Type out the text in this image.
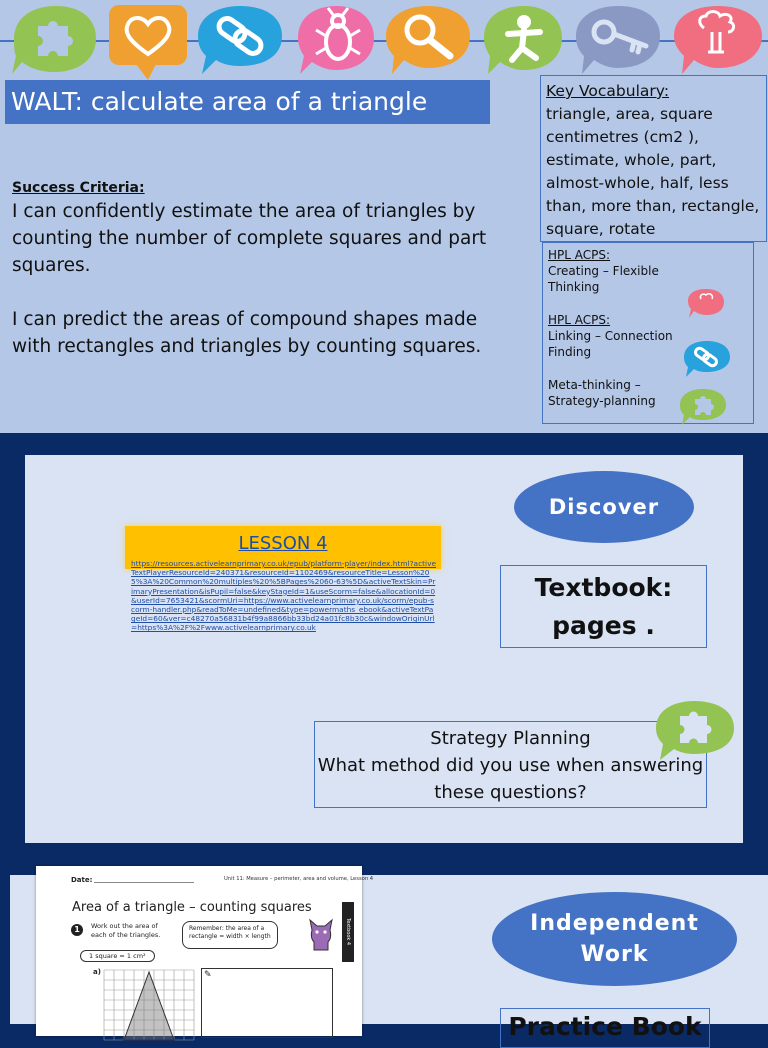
WALT: calculate area of a triangle
Success Criteria:

I can confidently estimate the area of triangles by counting the number of complete squares and part squares.

I can predict the areas of compound shapes made with rectangles and triangles by counting squares.

Key Vocabulary:
triangle, area, square centimetres (cm2 ), estimate, whole, part, almost-whole, half, less than, more than, rectangle, square, rotate
HPL ACPS:
Creating – Flexible Thinking
HPL ACPS:
Linking – Connection Finding
Meta-thinking – Strategy-planning
Discover
LESSON 4
https://resources.activelearnprimary.co.uk/epub/platform-player/index.html?activeTextPlayerResourceId=240371&resourceId=1102469&resourceTitle=Lesson%205%3A%20Common%20multiples%20%5BPages%2060-63%5D&activeTextSkin=PrimaryPresentation&isPupil=false&keyStageId=1&useScorm=false&allocationId=0&userId=7653421&scormUri=https://www.activelearnprimary.co.uk/scorm/epub-scorm-handler.php&readToMe=undefined&type=powermaths_ebook&activeTextPageId=60&ver=c48270a56831b4f99a8866bb33bd24a01fc8b30c&windowOriginUrl=https%3A%2F%2Fwww.activelearnprimary.co.uk
Textbook:
pages .
Strategy Planning
What method did you use when answering these questions?
Date:	Unit 11: Measure – perimeter, area and volume, Lesson 4
Area of a triangle – counting squares
1	Work out the area of each of the triangles.
1 square = 1 cm²
Remember: the area of a rectangle = width × length	Textbook 4
a)	✎
Independent Work
Practice Book
